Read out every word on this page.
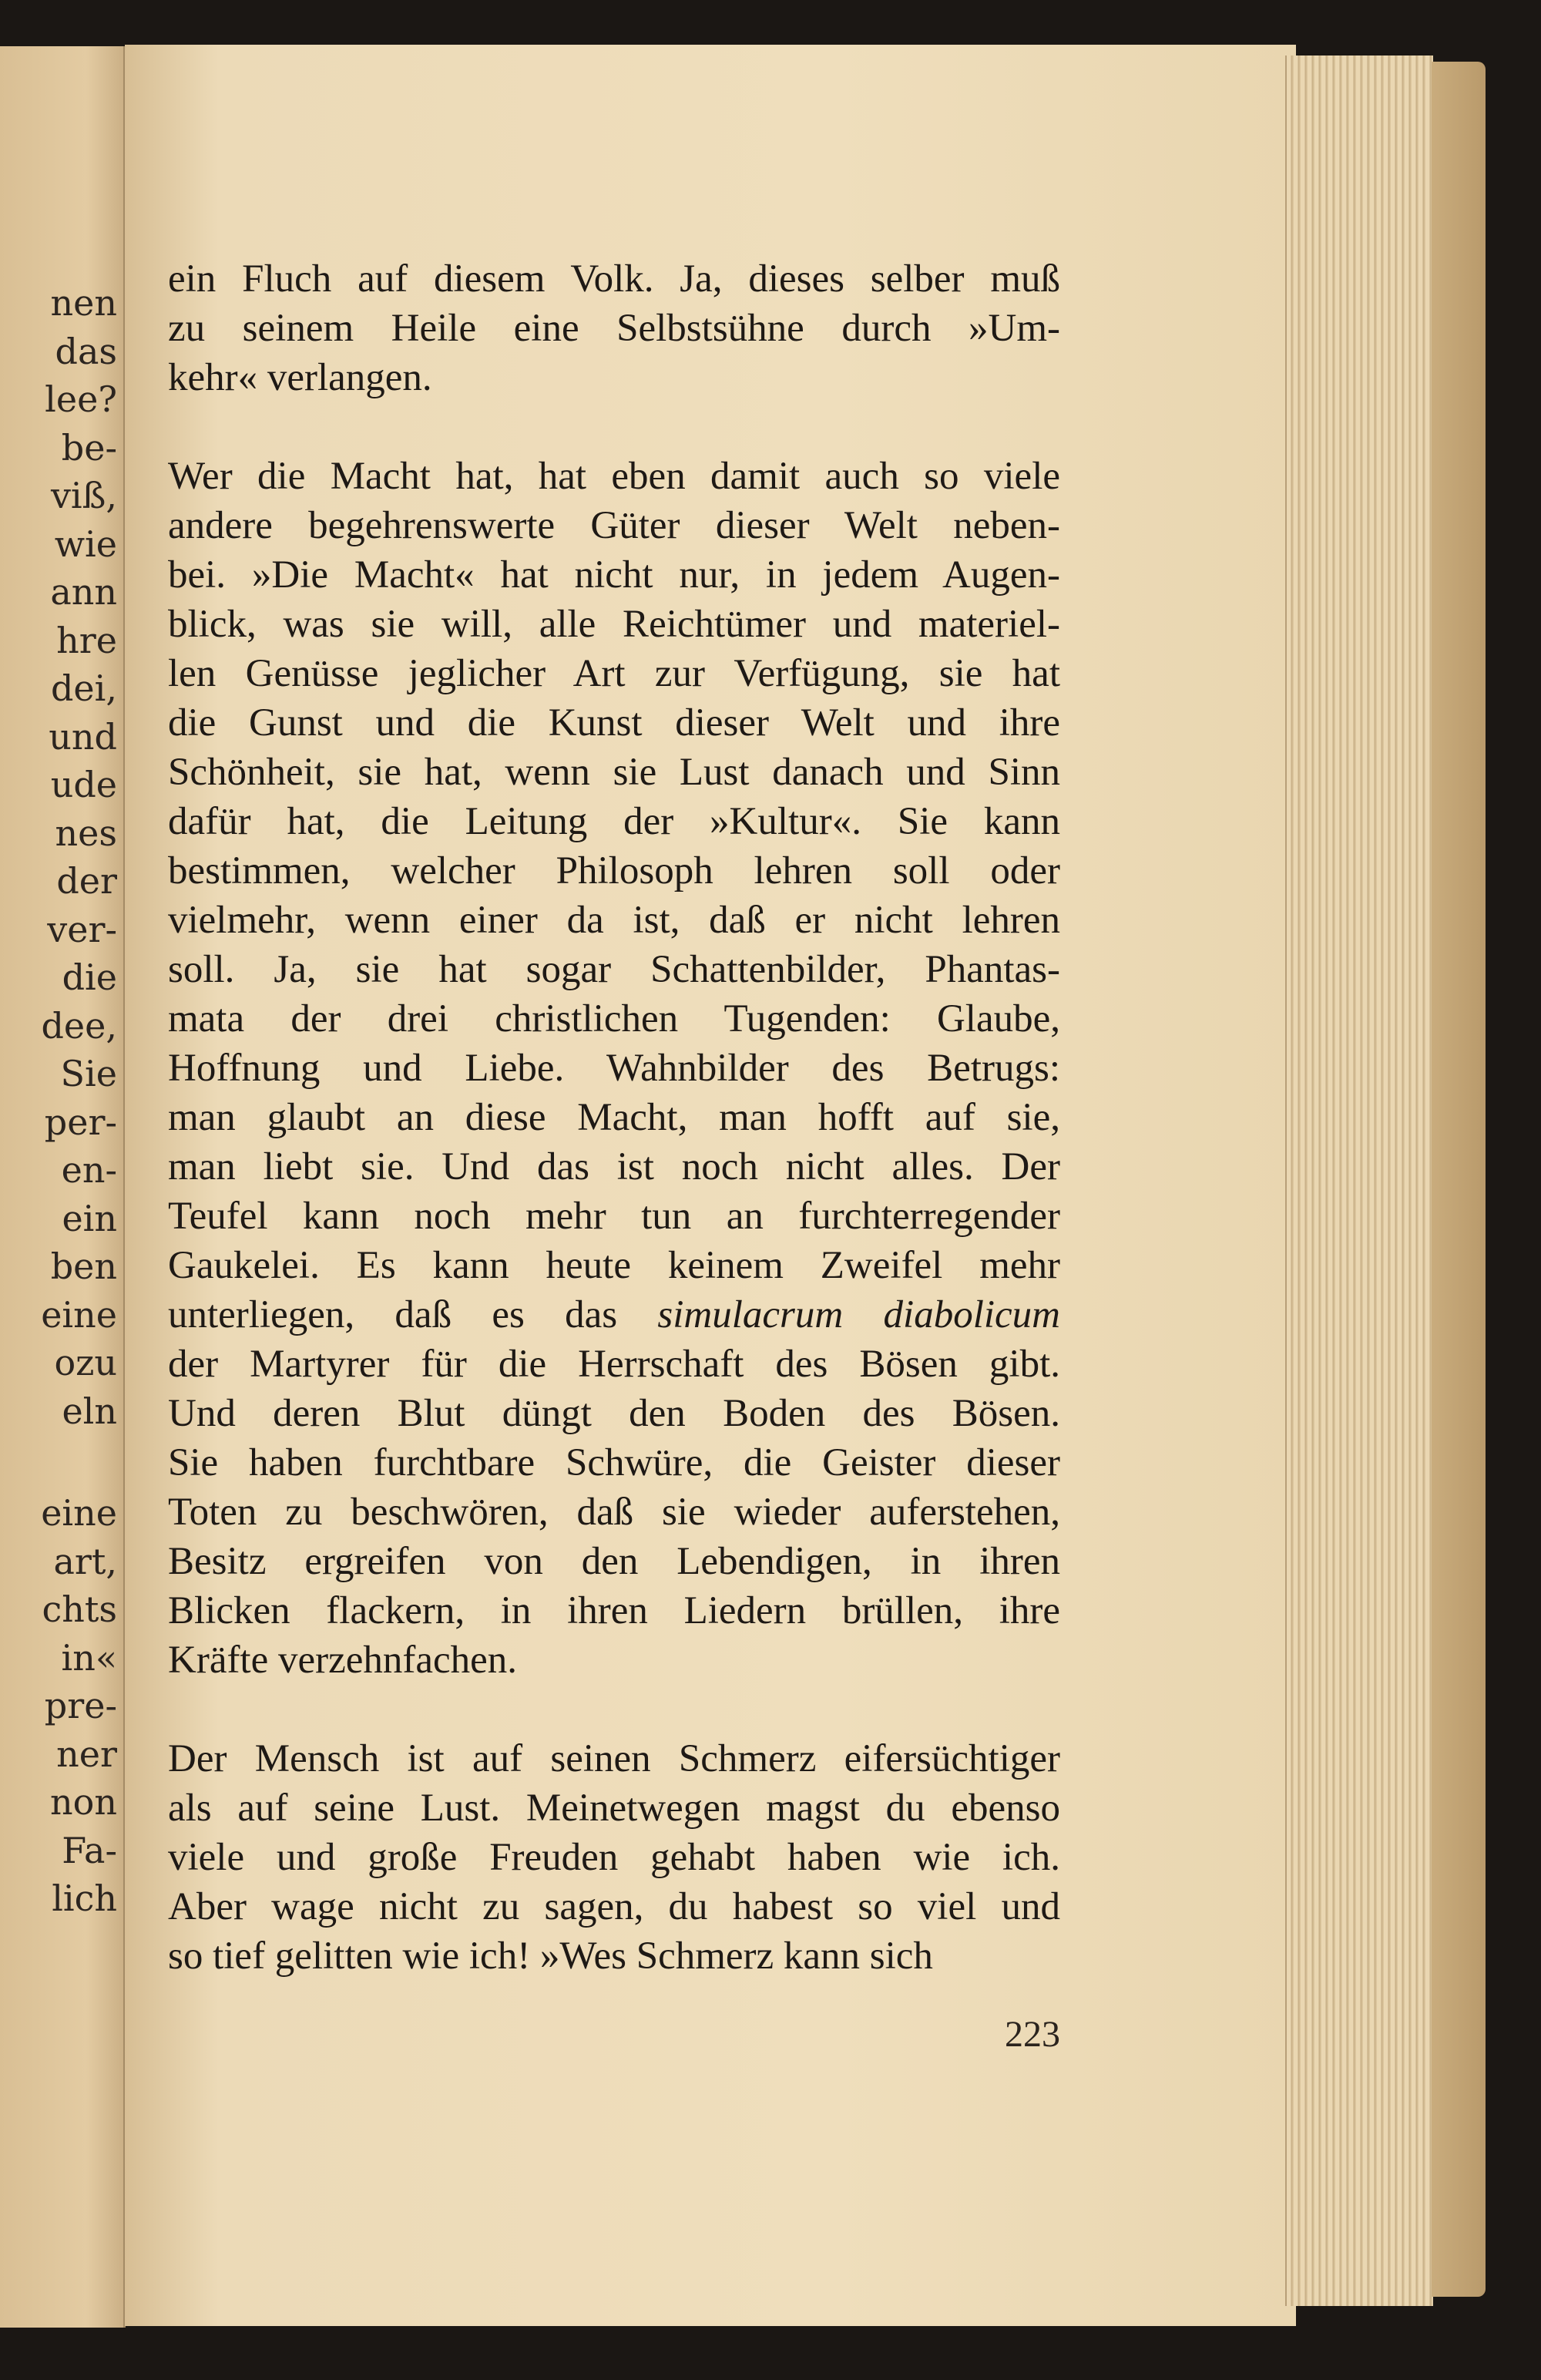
nen
das
lee?
be-
viß,
wie
ann
hre
dei,
und
ude
nes
der
ver-
die
dee,
Sie
per-
en-
ein
ben
eine
ozu
eln
eine
art,
chts
in«
pre-
ner
non
Fa-
lich
ein Fluch auf diesem Volk. Ja, dieses selber muß
zu seinem Heile eine Selbstsühne durch »Um-
kehr« verlangen.
Wer die Macht hat, hat eben damit auch so viele
andere begehrenswerte Güter dieser Welt neben-
bei. »Die Macht« hat nicht nur, in jedem Augen-
blick, was sie will, alle Reichtümer und materiel-
len Genüsse jeglicher Art zur Verfügung, sie hat
die Gunst und die Kunst dieser Welt und ihre
Schönheit, sie hat, wenn sie Lust danach und Sinn
dafür hat, die Leitung der »Kultur«. Sie kann
bestimmen, welcher Philosoph lehren soll oder
vielmehr, wenn einer da ist, daß er nicht lehren
soll. Ja, sie hat sogar Schattenbilder, Phantas-
mata der drei christlichen Tugenden: Glaube,
Hoffnung und Liebe. Wahnbilder des Betrugs:
man glaubt an diese Macht, man hofft auf sie,
man liebt sie. Und das ist noch nicht alles. Der
Teufel kann noch mehr tun an furchterregender
Gaukelei. Es kann heute keinem Zweifel mehr
unterliegen, daß es das simulacrum diabolicum
der Martyrer für die Herrschaft des Bösen gibt.
Und deren Blut düngt den Boden des Bösen.
Sie haben furchtbare Schwüre, die Geister dieser
Toten zu beschwören, daß sie wieder auferstehen,
Besitz ergreifen von den Lebendigen, in ihren
Blicken flackern, in ihren Liedern brüllen, ihre
Kräfte verzehnfachen.
Der Mensch ist auf seinen Schmerz eifersüchtiger
als auf seine Lust. Meinetwegen magst du ebenso
viele und große Freuden gehabt haben wie ich.
Aber wage nicht zu sagen, du habest so viel und
so tief gelitten wie ich! »Wes Schmerz kann sich
223
